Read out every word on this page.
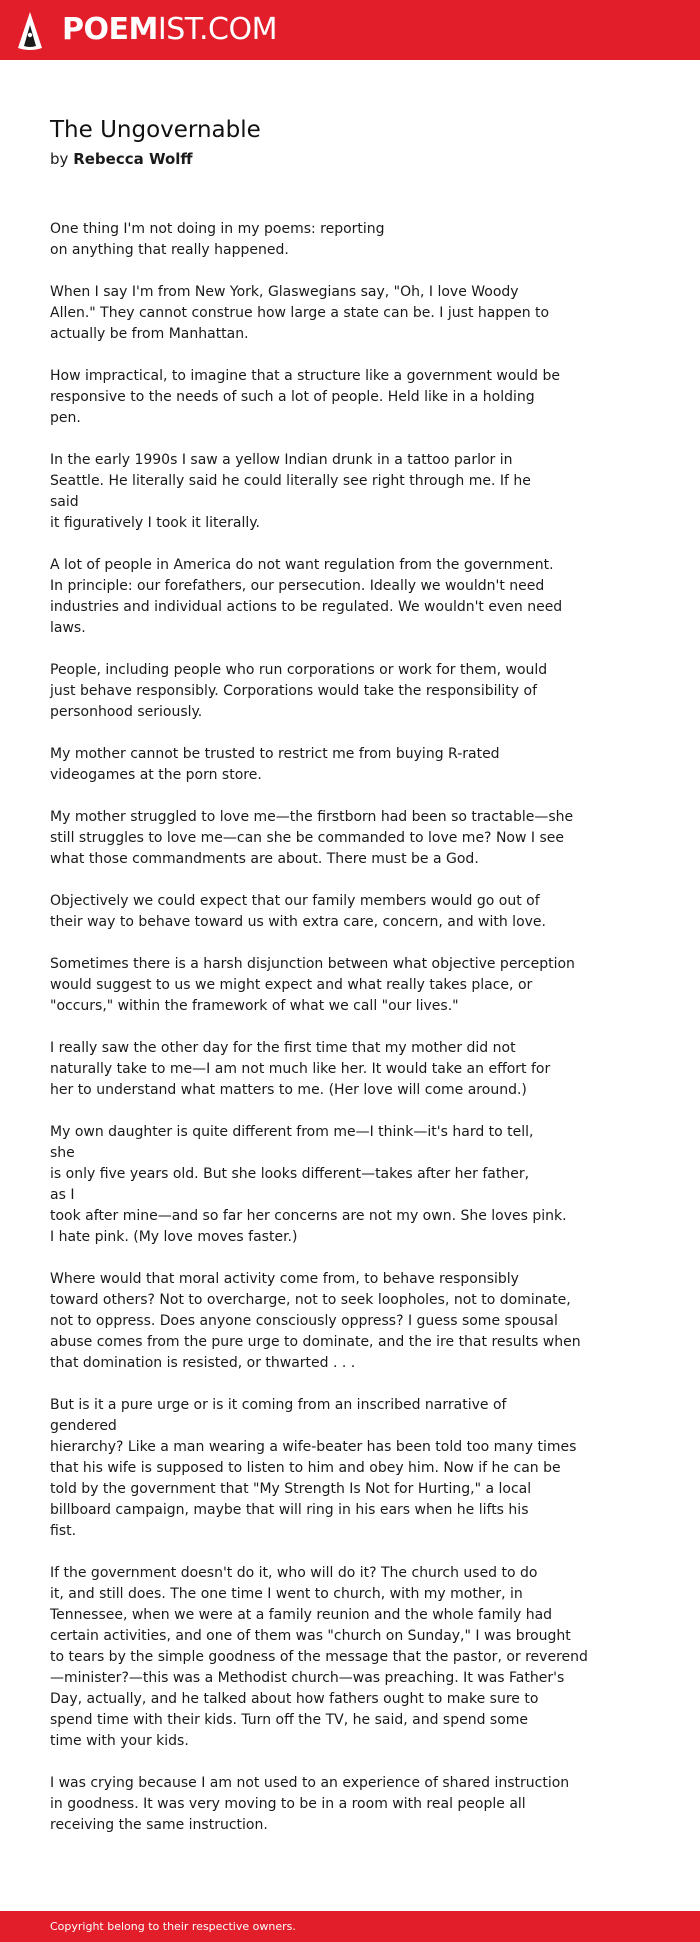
POEMIST.COM
The Ungovernable
by Rebecca Wolff
One thing I'm not doing in my poems: reporting
on anything that really happened.
When I say I'm from New York, Glaswegians say, "Oh, I love Woody
Allen." They cannot construe how large a state can be. I just happen to
actually be from Manhattan.
How impractical, to imagine that a structure like a government would be
responsive to the needs of such a lot of people. Held like in a holding
pen.
In the early 1990s I saw a yellow Indian drunk in a tattoo parlor in
Seattle. He literally said he could literally see right through me. If he
said
it figuratively I took it literally.
A lot of people in America do not want regulation from the government.
In principle: our forefathers, our persecution. Ideally we wouldn't need
industries and individual actions to be regulated. We wouldn't even need
laws.
People, including people who run corporations or work for them, would
just behave responsibly. Corporations would take the responsibility of
personhood seriously.
My mother cannot be trusted to restrict me from buying R-rated
videogames at the porn store.
My mother struggled to love me—the firstborn had been so tractable—she
still struggles to love me—can she be commanded to love me? Now I see
what those commandments are about. There must be a God.
Objectively we could expect that our family members would go out of
their way to behave toward us with extra care, concern, and with love.
Sometimes there is a harsh disjunction between what objective perception
would suggest to us we might expect and what really takes place, or
"occurs," within the framework of what we call "our lives."
I really saw the other day for the first time that my mother did not
naturally take to me—I am not much like her. It would take an effort for
her to understand what matters to me. (Her love will come around.)
My own daughter is quite different from me—I think—it's hard to tell,
she
is only five years old. But she looks different—takes after her father,
as I
took after mine—and so far her concerns are not my own. She loves pink.
I hate pink. (My love moves faster.)
Where would that moral activity come from, to behave responsibly
toward others? Not to overcharge, not to seek loopholes, not to dominate,
not to oppress. Does anyone consciously oppress? I guess some spousal
abuse comes from the pure urge to dominate, and the ire that results when
that domination is resisted, or thwarted . . .
But is it a pure urge or is it coming from an inscribed narrative of
gendered
hierarchy? Like a man wearing a wife-beater has been told too many times
that his wife is supposed to listen to him and obey him. Now if he can be
told by the government that "My Strength Is Not for Hurting," a local
billboard campaign, maybe that will ring in his ears when he lifts his
fist.
If the government doesn't do it, who will do it? The church used to do
it, and still does. The one time I went to church, with my mother, in
Tennessee, when we were at a family reunion and the whole family had
certain activities, and one of them was "church on Sunday," I was brought
to tears by the simple goodness of the message that the pastor, or reverend
—minister?—this was a Methodist church—was preaching. It was Father's
Day, actually, and he talked about how fathers ought to make sure to
spend time with their kids. Turn off the TV, he said, and spend some
time with your kids.
I was crying because I am not used to an experience of shared instruction
in goodness. It was very moving to be in a room with real people all
receiving the same instruction.
Copyright belong to their respective owners.
